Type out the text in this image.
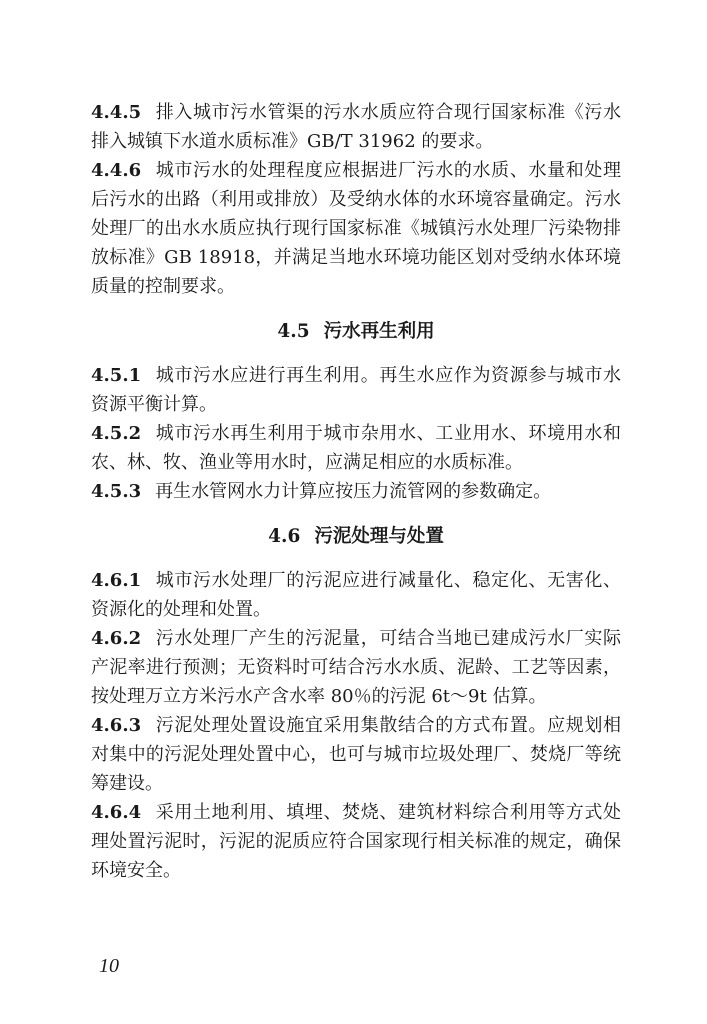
4.4.5 排入城市污水管渠的污水水质应符合现行国家标准《污水排入城镇下水道水质标准》GB/T 31962 的要求。

4.4.6 城市污水的处理程度应根据进厂污水的水质、水量和处理后污水的出路（利用或排放）及受纳水体的水环境容量确定。污水处理厂的出水水质应执行现行国家标准《城镇污水处理厂污染物排放标准》GB 18918，并满足当地水环境功能区划对受纳水体环境质量的控制要求。

4.5 污水再生利用

4.5.1 城市污水应进行再生利用。再生水应作为资源参与城市水资源平衡计算。

4.5.2 城市污水再生利用于城市杂用水、工业用水、环境用水和农、林、牧、渔业等用水时，应满足相应的水质标准。

4.5.3 再生水管网水力计算应按压力流管网的参数确定。

4.6 污泥处理与处置

4.6.1 城市污水处理厂的污泥应进行减量化、稳定化、无害化、资源化的处理和处置。

4.6.2 污水处理厂产生的污泥量，可结合当地已建成污水厂实际产泥率进行预测；无资料时可结合污水水质、泥龄、工艺等因素，按处理万立方米污水产含水率 80％的污泥 6t～9t 估算。

4.6.3 污泥处理处置设施宜采用集散结合的方式布置。应规划相对集中的污泥处理处置中心，也可与城市垃圾处理厂、焚烧厂等统筹建设。

4.6.4 采用土地利用、填埋、焚烧、建筑材料综合利用等方式处理处置污泥时，污泥的泥质应符合国家现行相关标准的规定，确保环境安全。

10
